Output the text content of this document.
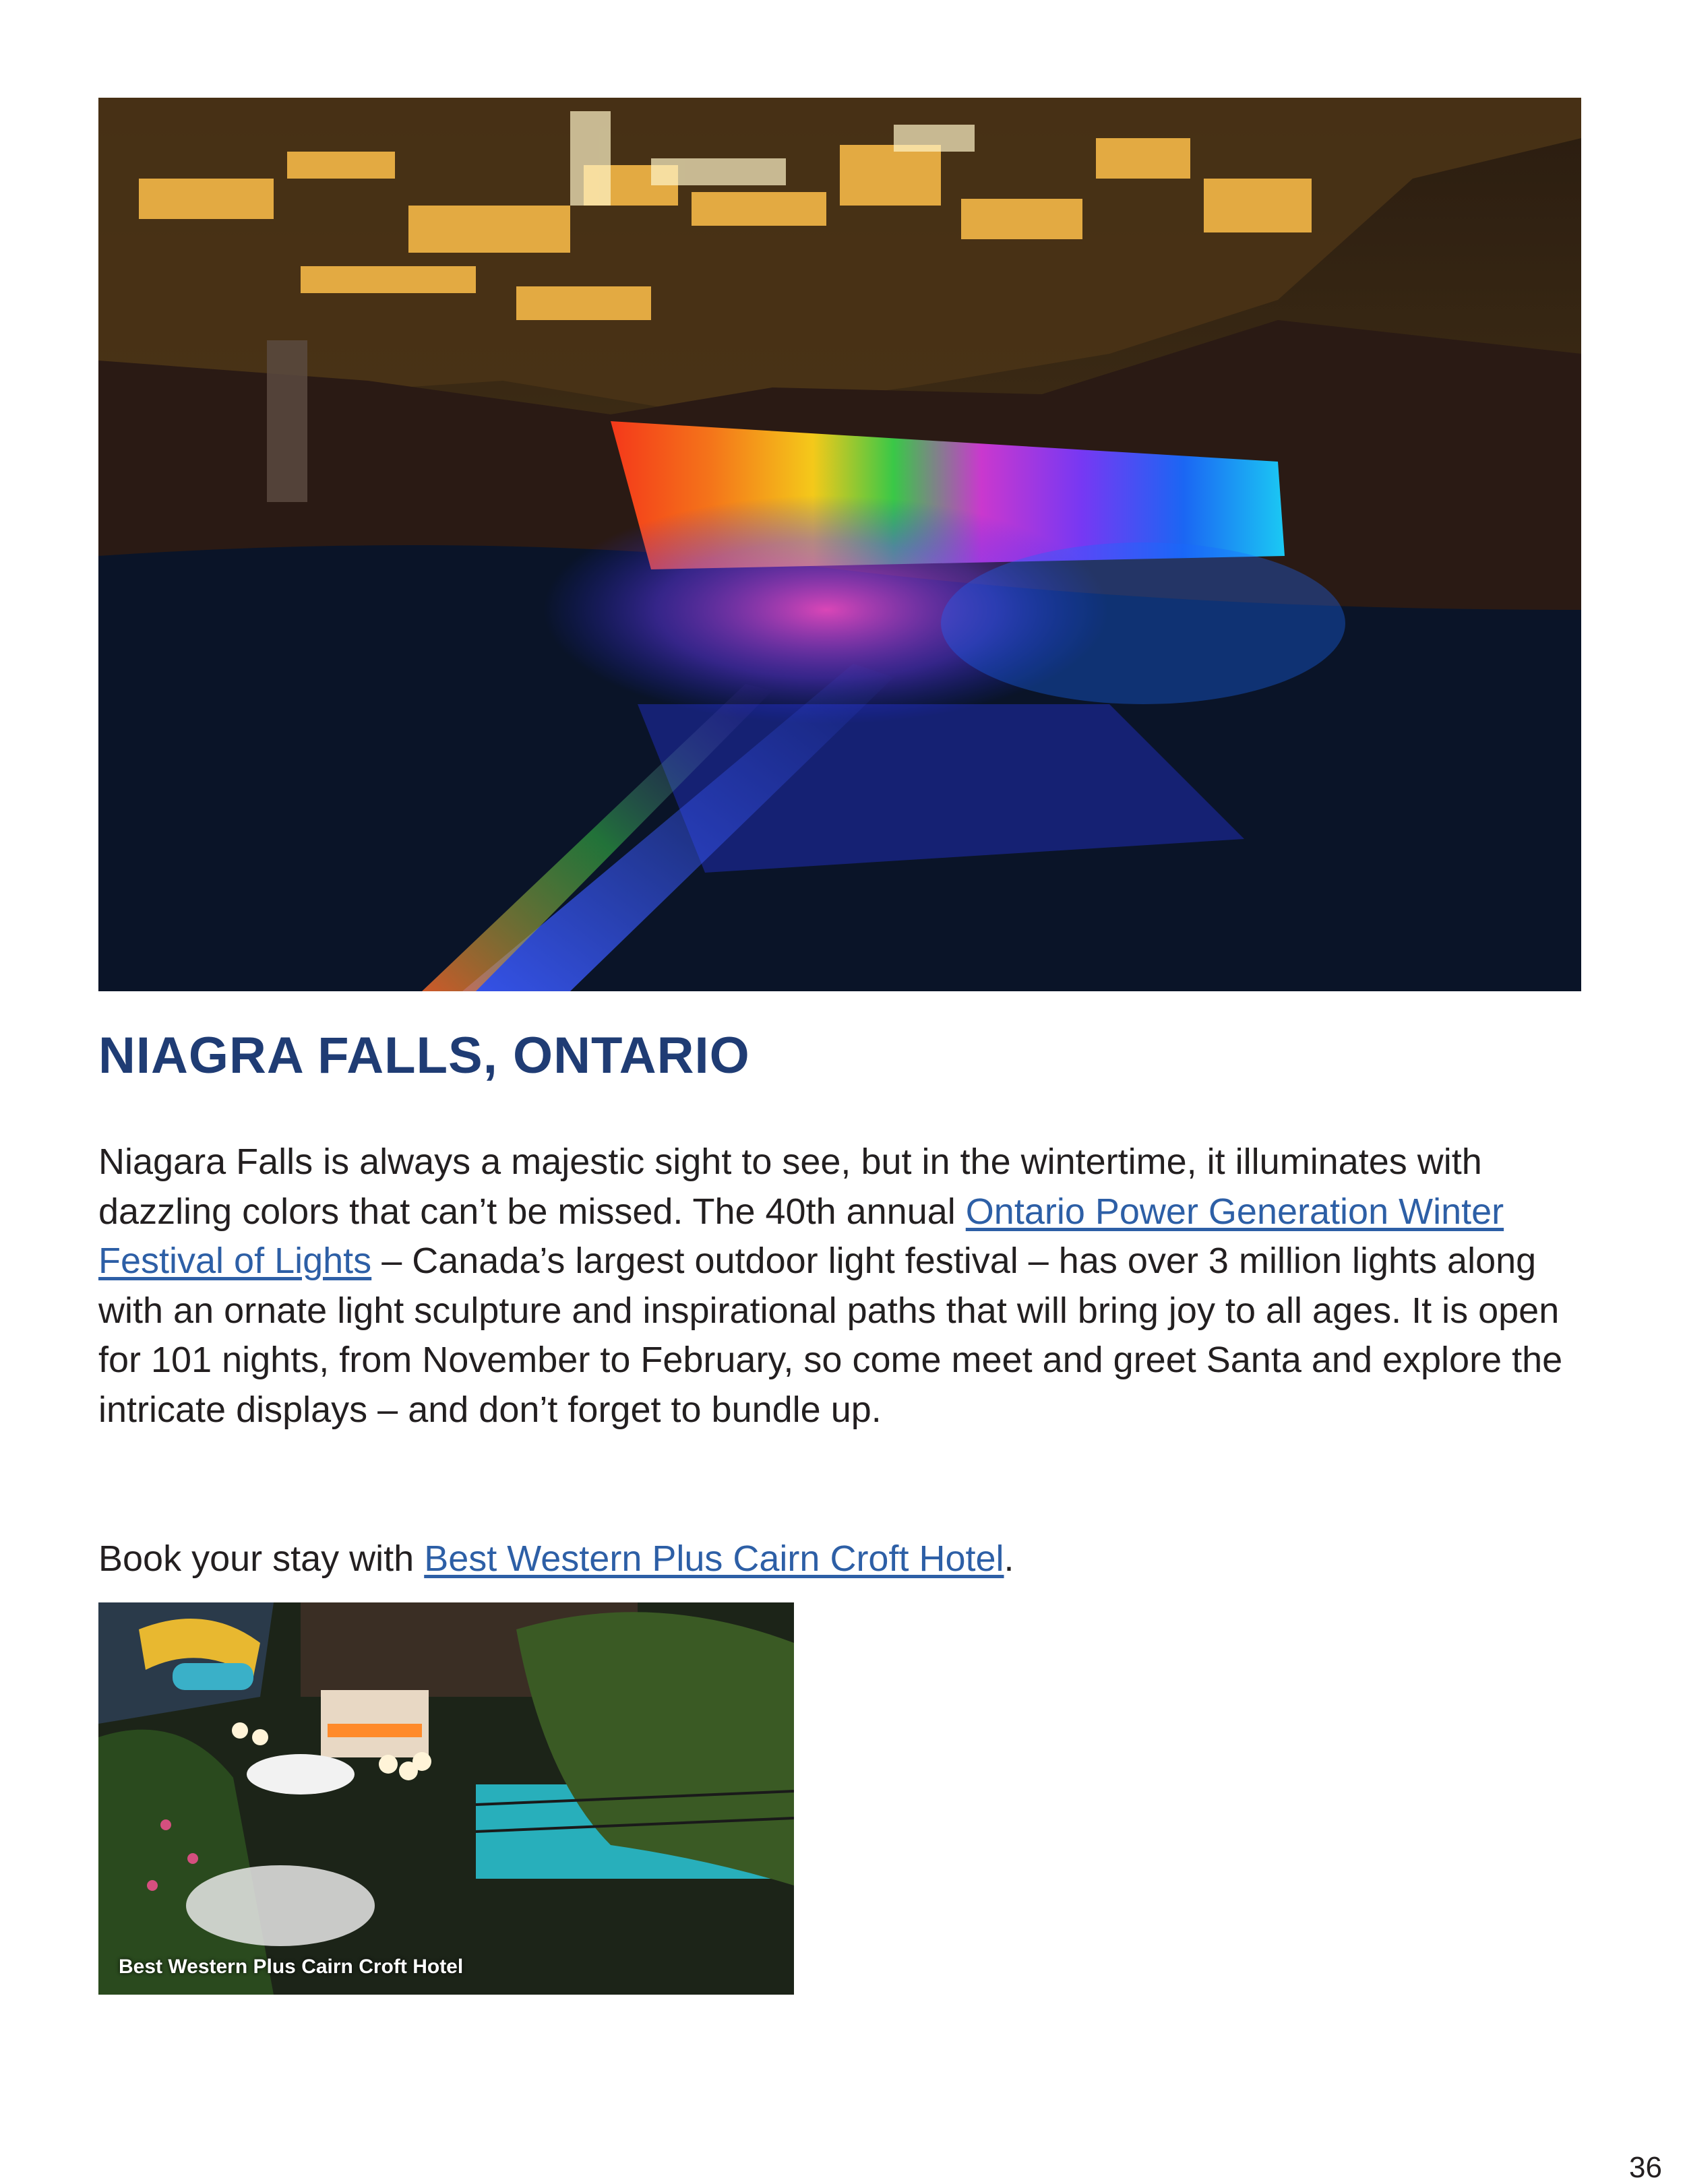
NIAGRA FALLS, ONTARIO

Niagara Falls is always a majestic sight to see, but in the wintertime, it illuminates with dazzling colors that can’t be missed. The 40th annual Ontario Power Generation Winter Festival of Lights – Canada’s largest outdoor light festival – has over 3 million lights along with an ornate light sculpture and inspirational paths that will bring joy to all ages. It is open for 101 nights, from November to February, so come meet and greet Santa and explore the intricate displays – and don’t forget to bundle up.

Book your stay with Best Western Plus Cairn Croft Hotel.

Best Western Plus Cairn Croft Hotel
36
